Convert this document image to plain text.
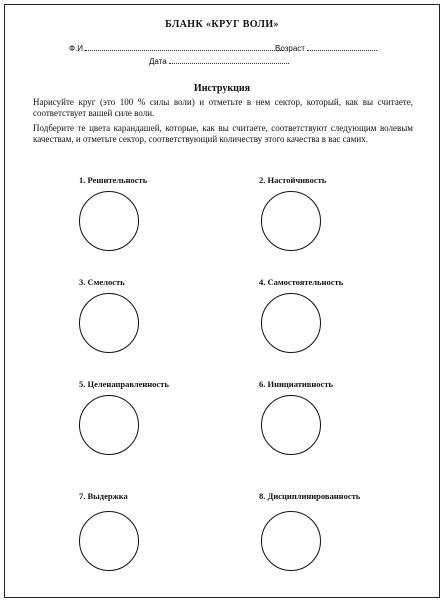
БЛАНК «КРУГ ВОЛИ»
Ф.И.	Возраст
Дата
Инструкция
Нарисуйте круг (это 100 % силы воли) и отметьте в нем сектор, который, как вы считаете, соответствует вашей силе воли.
Подберите те цвета карандашей, которые, как вы считаете, соответствуют следующим волевым качествам, и отметьте сектор, соответствующий количеству этого качества в вас самих.
1. Решительность	2. Настойчивость
3. Смелость	4. Самостоятельность
5. Целенаправленность	6. Инициативность
7. Выдержка	8. Дисциплинированность
